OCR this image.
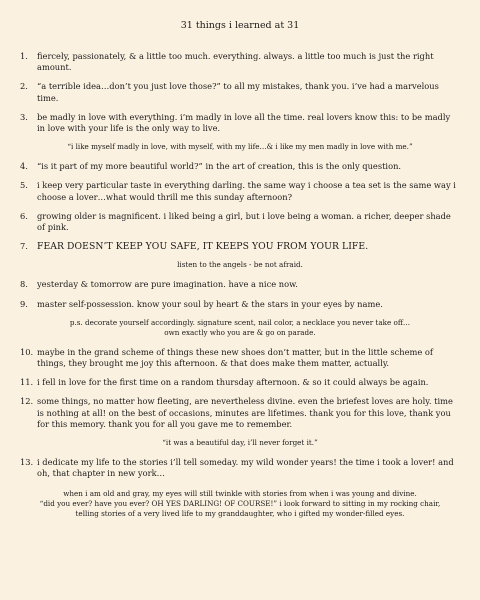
31 things i learned at 31
1.	fiercely, passionately, & a little too much. everything. always. a little too much is just the right amount.
2.	“a terrible idea…don’t you just love those?” to all my mistakes, thank you. i’ve had a marvelous time.
3.	be madly in love with everything. i’m madly in love all the time. real lovers know this: to be madly in love with your life is the only way to live.
“i like myself madly in love, with myself, with my life…& i like my men madly in love with me.”
4.	“is it part of my more beautiful world?” in the art of creation, this is the only question.
5.	i keep very particular taste in everything darling. the same way i choose a tea set is the same way i choose a lover…what would thrill me this sunday afternoon?
6.	growing older is magnificent. i liked being a girl, but i love being a woman. a richer, deeper shade of pink.
7. FEAR DOESN’T KEEP YOU SAFE, IT KEEPS YOU FROM YOUR LIFE.
listen to the angels - be not afraid.
8.	yesterday & tomorrow are pure imagination. have a nice now.
9.	master self-possession. know your soul by heart & the stars in your eyes by name.
p.s. decorate yourself accordingly. signature scent, nail color, a necklace you never take off…
own exactly who you are & go on parade.
10. maybe in the grand scheme of things these new shoes don’t matter, but in the little scheme of things, they brought me joy this afternoon. & that does make them matter, actually.
11. i fell in love for the first time on a random thursday afternoon. & so it could always be again.
12. some things, no matter how fleeting, are nevertheless divine. even the briefest loves are holy. time is nothing at all! on the best of occasions, minutes are lifetimes. thank you for this love, thank you for this memory. thank you for all you gave me to remember.
“it was a beautiful day, i’ll never forget it.”
13. i dedicate my life to the stories i’ll tell someday. my wild wonder years! the time i took a lover! and oh, that chapter in new york…
when i am old and gray, my eyes will still twinkle with stories from when i was young and divine.
“did you ever? have you ever? OH YES DARLING! OF COURSE!” i look forward to sitting in my rocking chair,
telling stories of a very lived life to my granddaughter, who i gifted my wonder-filled eyes.
